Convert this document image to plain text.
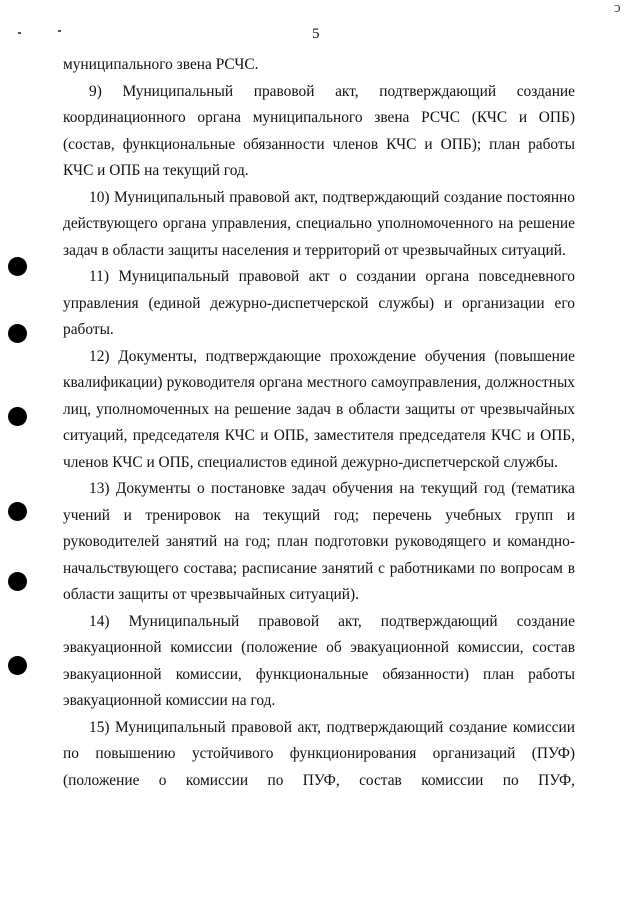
ↄ
5

муниципального звена РСЧС.

9) Муниципальный правовой акт, подтверждающий создание координационного органа муниципального звена РСЧС (КЧС и ОПБ) (состав, функциональные обязанности членов КЧС и ОПБ); план работы КЧС и ОПБ на текущий год.

10) Муниципальный правовой акт, подтверждающий создание постоянно действующего органа управления, специально уполномоченного на решение задач в области защиты населения и территорий от чрезвычайных ситуаций.

11) Муниципальный правовой акт о создании органа повседневного управления (единой дежурно-диспетчерской службы) и организации его работы.

12) Документы, подтверждающие прохождение обучения (повышение квалификации) руководителя органа местного самоуправления, должностных лиц, уполномоченных на решение задач в области защиты от чрезвычайных ситуаций, председателя КЧС и ОПБ, заместителя председателя КЧС и ОПБ, членов КЧС и ОПБ, специалистов единой дежурно-диспетчерской службы.

13) Документы о постановке задач обучения на текущий год (тематика учений и тренировок на текущий год; перечень учебных групп и руководителей занятий на год; план подготовки руководящего и командно-начальствующего состава; расписание занятий с работниками по вопросам в области защиты от чрезвычайных ситуаций).

14) Муниципальный правовой акт, подтверждающий создание эвакуационной комиссии (положение об эвакуационной комиссии, состав эвакуационной комиссии, функциональные обязанности) план работы эвакуационной комиссии на год.

15) Муниципальный правовой акт, подтверждающий создание комиссии по повышению устойчивого функционирования организаций (ПУФ) (положение о комиссии по ПУФ, состав комиссии по ПУФ,
